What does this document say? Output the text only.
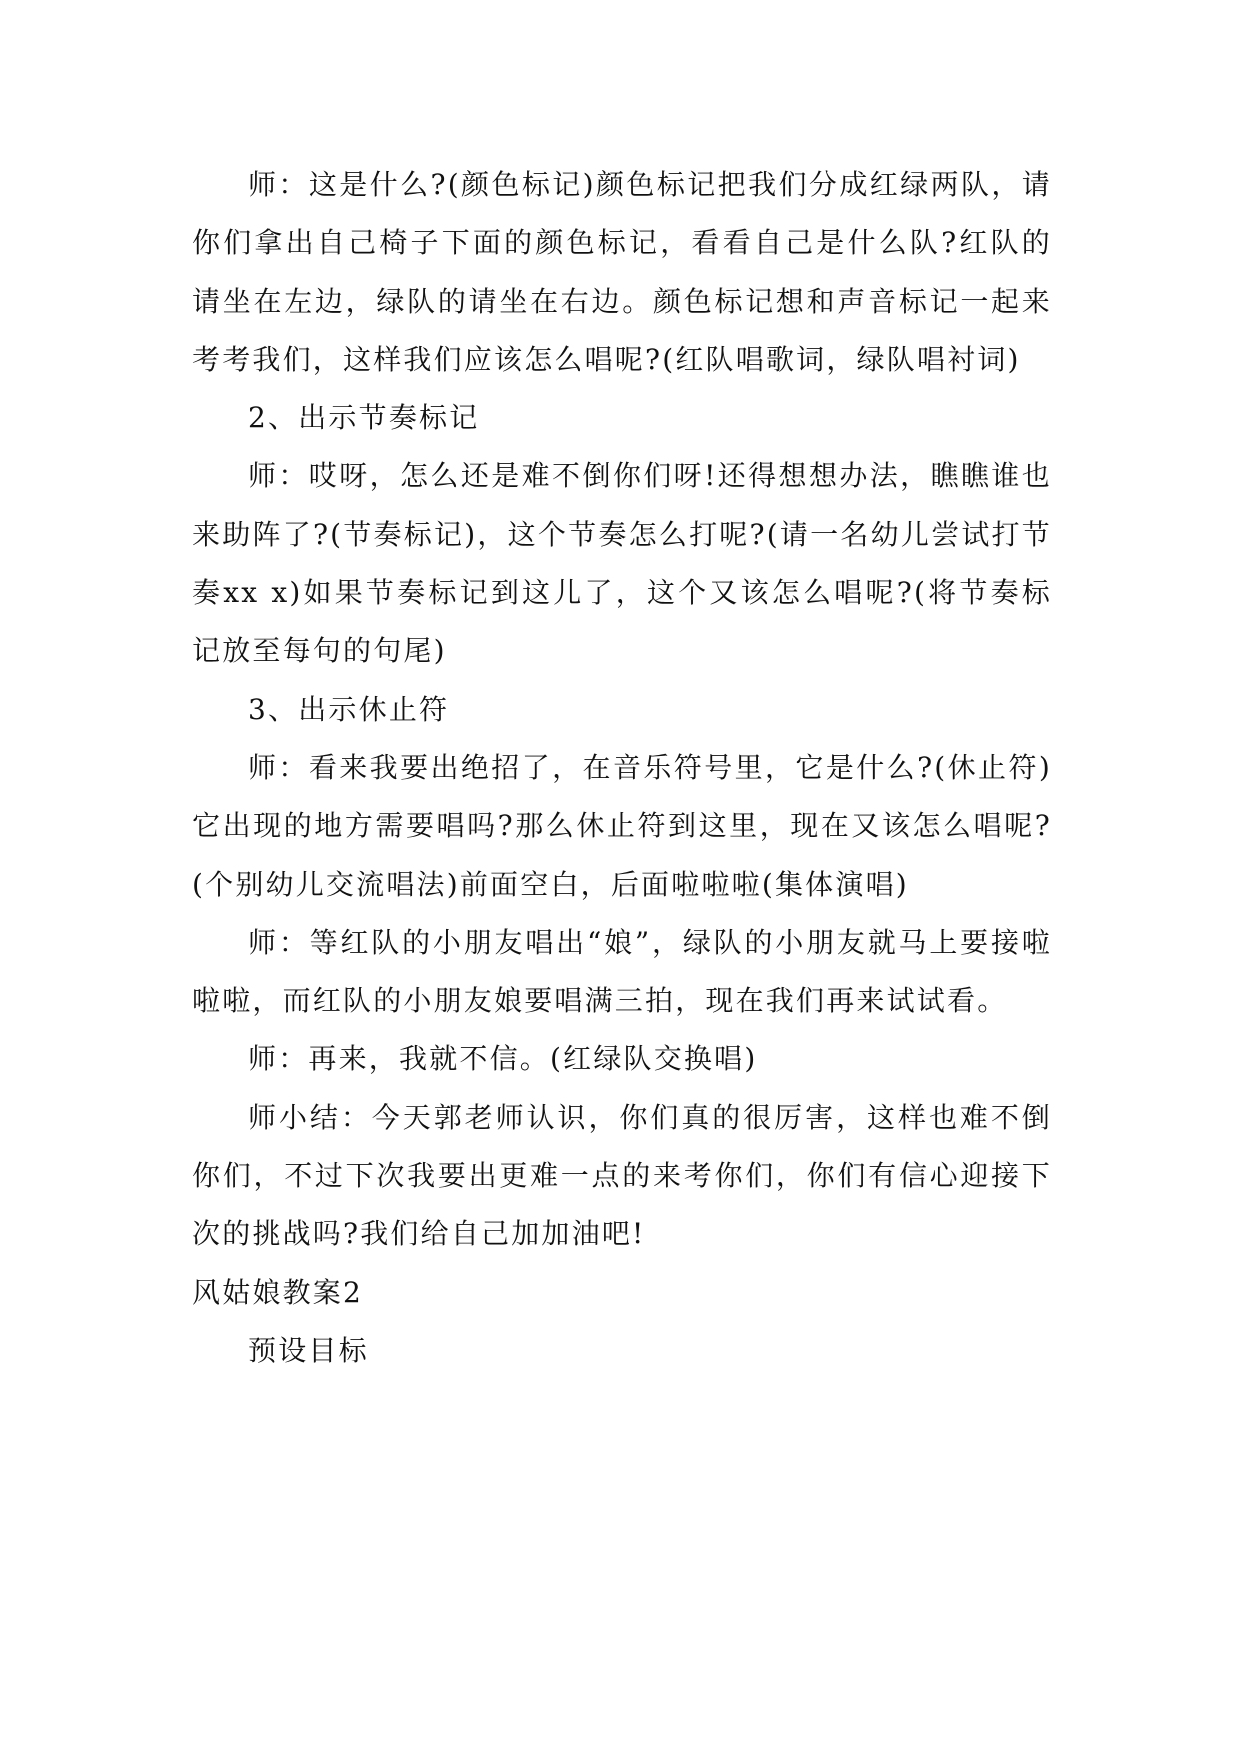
师：这是什么?(颜色标记)颜色标记把我们分成红绿两队，请你们拿出自己椅子下面的颜色标记，看看自己是什么队?红队的请坐在左边，绿队的请坐在右边。颜色标记想和声音标记一起来考考我们，这样我们应该怎么唱呢?(红队唱歌词，绿队唱衬词)

2、出示节奏标记

师：哎呀，怎么还是难不倒你们呀!还得想想办法，瞧瞧谁也来助阵了?(节奏标记)，这个节奏怎么打呢?(请一名幼儿尝试打节奏xx x)如果节奏标记到这儿了，这个又该怎么唱呢?(将节奏标记放至每句的句尾)

3、出示休止符

师：看来我要出绝招了，在音乐符号里，它是什么?(休止符)它出现的地方需要唱吗?那么休止符到这里，现在又该怎么唱呢?(个别幼儿交流唱法)前面空白，后面啦啦啦(集体演唱)

师：等红队的小朋友唱出“娘”，绿队的小朋友就马上要接啦啦啦，而红队的小朋友娘要唱满三拍，现在我们再来试试看。

师：再来，我就不信。(红绿队交换唱)

师小结：今天郭老师认识，你们真的很厉害，这样也难不倒你们，不过下次我要出更难一点的来考你们，你们有信心迎接下次的挑战吗?我们给自己加加油吧!

风姑娘教案2

预设目标
